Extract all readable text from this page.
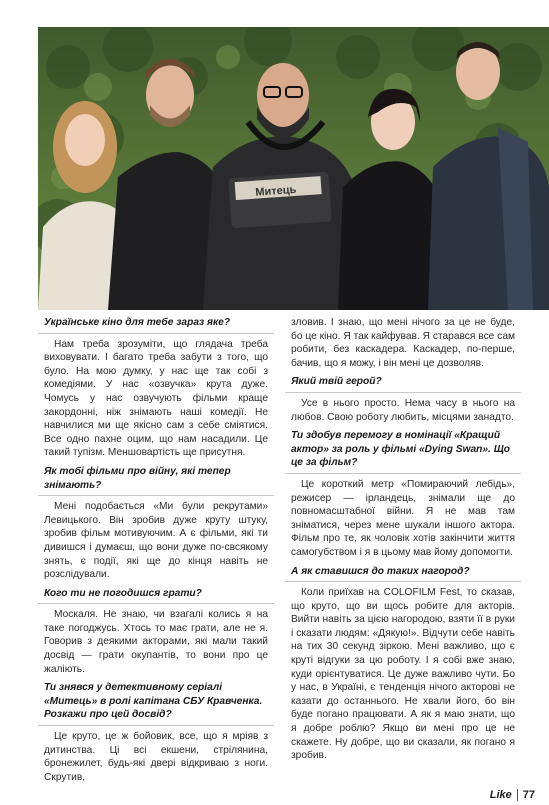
Митець

Українське кіно для тебе зараз яке?

Нам треба зрозуміти, що глядача треба виховувати. І багато треба забути з того, що було. На мою думку, у нас ще так собі з комедіями. У нас «озвучка» крута дуже. Чомусь у нас озвучують фільми краще закордонні, ніж знімають наші комедії. Не навчилися ми ще якісно сам з себе сміятися. Все одно пахне оцим, що нам насадили. Це такий тупізм. Меншовартість ще присутня.

Як тобі фільми про війну, які тепер знімають?

Мені подобається «Ми були рекрутами» Левицького. Він зробив дуже круту штуку, зробив фільм мотивуючим. А є фільми, які ти дивишся і думаєш, що вони дуже по-свсякому знять, є події, які ще до кінця навіть не розслідували.

Кого ти не погодишся грати?

Москаля. Не знаю, чи взагалі колись я на таке погоджусь. Хтось то має грати, але не я. Говорив з деякими акторами, які мали такий досвід — грати окупантів, то вони про це жаліють.

Ти знявся у детективному серіалі «Митець» в ролі капітана СБУ Кравченка. Розкажи про цей досвід?

Це круто, це ж бойовик, все, що я мріяв з дитинства. Ці всі екшени, стрілянина, бронежилет, будь-які двері відкриваю з ноги. Скрутив,

зловив. І знаю, що мені нічого за це не буде, бо це кіно. Я так кайфував. Я старався все сам робити, без каскадера. Каскадер, по-перше, бачив, що я можу, і він мені це дозволяв.

Який твій герой?

Усе в нього просто. Нема часу в нього на любов. Свою роботу любить, місцями занадто.

Ти здобув перемогу в номінації «Кращий актор» за роль у фільмі «Dying Swan». Що це за фільм?

Це короткий метр «Помираючий лебідь», режисер — ірландець, знімали ще до повномасштабної війни. Я не мав там зніматися, через мене шукали іншого актора. Фільм про те, як чоловік хотів закінчити життя самогубством і я в цьому мав йому допомогти.

А як ставишся до таких нагород?

Коли приїхав на COLOFILM Fest, то сказав, що круто, що ви щось робите для акторів. Вийти навіть за цією нагородою, взяти її в руки і сказати людям: «Дякую!». Відчути себе навіть на тих 30 секунд зіркою. Мені важливо, що є круті відгуки за цю роботу. І я собі вже знаю, куди орієнтуватися. Це дуже важливо чути. Бо у нас, в Україні, є тенденція нічого акторові не казати до останнього. Не хвали його, бо він буде погано працювати. А як я маю знати, що я добре роблю? Якщо ви мені про це не скажете. Ну добре, що ви сказали, як погано я зробив.

Like 77
